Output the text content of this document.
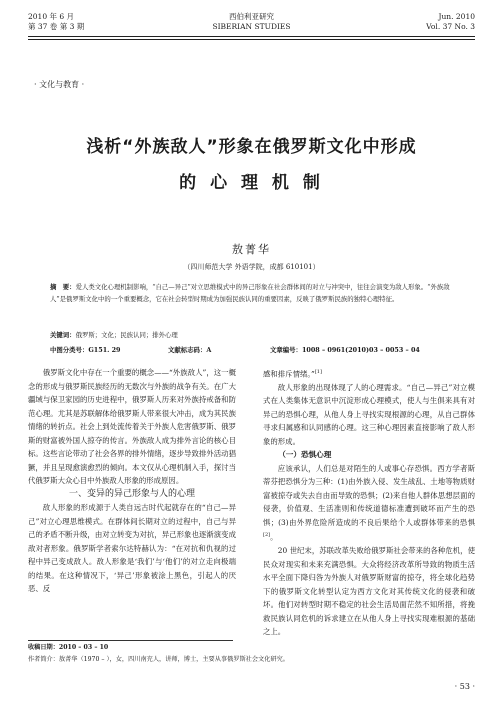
2010 年 6 月
第 37 卷 第 3 期
西伯利亚研究
SIBERIAN STUDIES
Jun. 2010
Vol. 37 No. 3
· 文化与教育 ·
浅析“外族敌人”形象在俄罗斯文化中形成
的 心 理 机 制
敖菁华
（四川师范大学 外语学院，成都 610101）
摘　要：爱人类文化心理机制影响，“自己—异己”对立思维模式中的异己形象在社会群体间的对立与冲突中，往往会演变为敌人形象。“外族敌人”是俄罗斯文化中的一个重要概念，它在社会转型时期成为加强民族认同的重要因素，反映了俄罗斯民族的独特心理特征。
关键词：俄罗斯；文化；民族认同；排外心理
中图分类号：G151. 29	文献标志码：A	文章编号：1008 – 0961(2010)03 – 0053 – 04

俄罗斯文化中存在一个重要的概念——“外族敌人”，这一概念的形成与俄罗斯民族经历的无数次与外族的战争有关。在广大疆域与保卫家园的历史进程中，俄罗斯人历来对外族持戒备和防范心理。尤其是苏联解体给俄罗斯人带来很大冲击，成为其民族情绪的转折点。社会上到处流传着关于外族人危害俄罗斯、俄罗斯的财富被外国人掠夺的传言。外族敌人成为排外言论的核心目标。这些言论带动了社会各界的排外情绪，逐步导致排外活动猖獗，并且呈现愈演愈烈的倾向。本文仅从心理机制入手，探讨当代俄罗斯大众心目中外族敌人形象的形成原因。

一、变异的异己形象与人的心理

敌人形象的形成源于人类自远古时代起就存在的“自己—异己”对立心理思维模式。在群体间长期对立的过程中，自己与异己的矛盾不断升级，由对立转变为对抗，异己形象也逐渐演变成敌对者形象。俄罗斯学者索尔达特赫认为：“在对抗和仇视的过程中异己变成敌人。敌人形象是‘我们’与‘他们’的对立走向极端的结果。在这种情况下，‘异己’形象被涂上黑色，引起人的厌恶、反

感和排斥情绪。”[1]

敌人形象的出现体现了人的心理需求。“自己—异己”对立模式在人类集体无意识中沉淀形成心理模式，使人与生俱来具有对异己的恐惧心理，从他人身上寻找实现根源的心理，从自己群体寻求归属感和认同感的心理。这三种心理因素直接影响了敌人形象的形成。

（一）恐惧心理

应该承认，人们总是对陌生的人或事心存恐惧。西方学者斯蒂芬把恐惧分为三种：(1)由外族入侵、发生战乱、土地等物质财富被掠夺或失去自由而导致的恐惧；(2)来自他人群体思想层面的侵袭，价值观、生活准则和传统道德标准遭到破坏而产生的恐惧；(3)由外界危险所造成的不良后果给个人或群体带来的恐惧[2]。

20 世纪末，苏联改革失败给俄罗斯社会带来的各种危机，使民众对现实和未来充满恐惧。大众将经济改革所导致的物质生活水平全面下降归咎为外族人对俄罗斯财富的掠夺，将全球化趋势下的俄罗斯文化转型认定为西方文化对其传统文化的侵袭和破坏。他们对转型时期不稳定的社会生活局面茫然不知所措，将挽救民族认同危机的诉求建立在从他人身上寻找实现难根源的基础之上。

收稿日期：2010 – 03 – 10
作者简介：敖菁华（1970 – ），女，四川南充人，讲师，博士，主要从事俄罗斯社会文化研究。
· 53 ·
